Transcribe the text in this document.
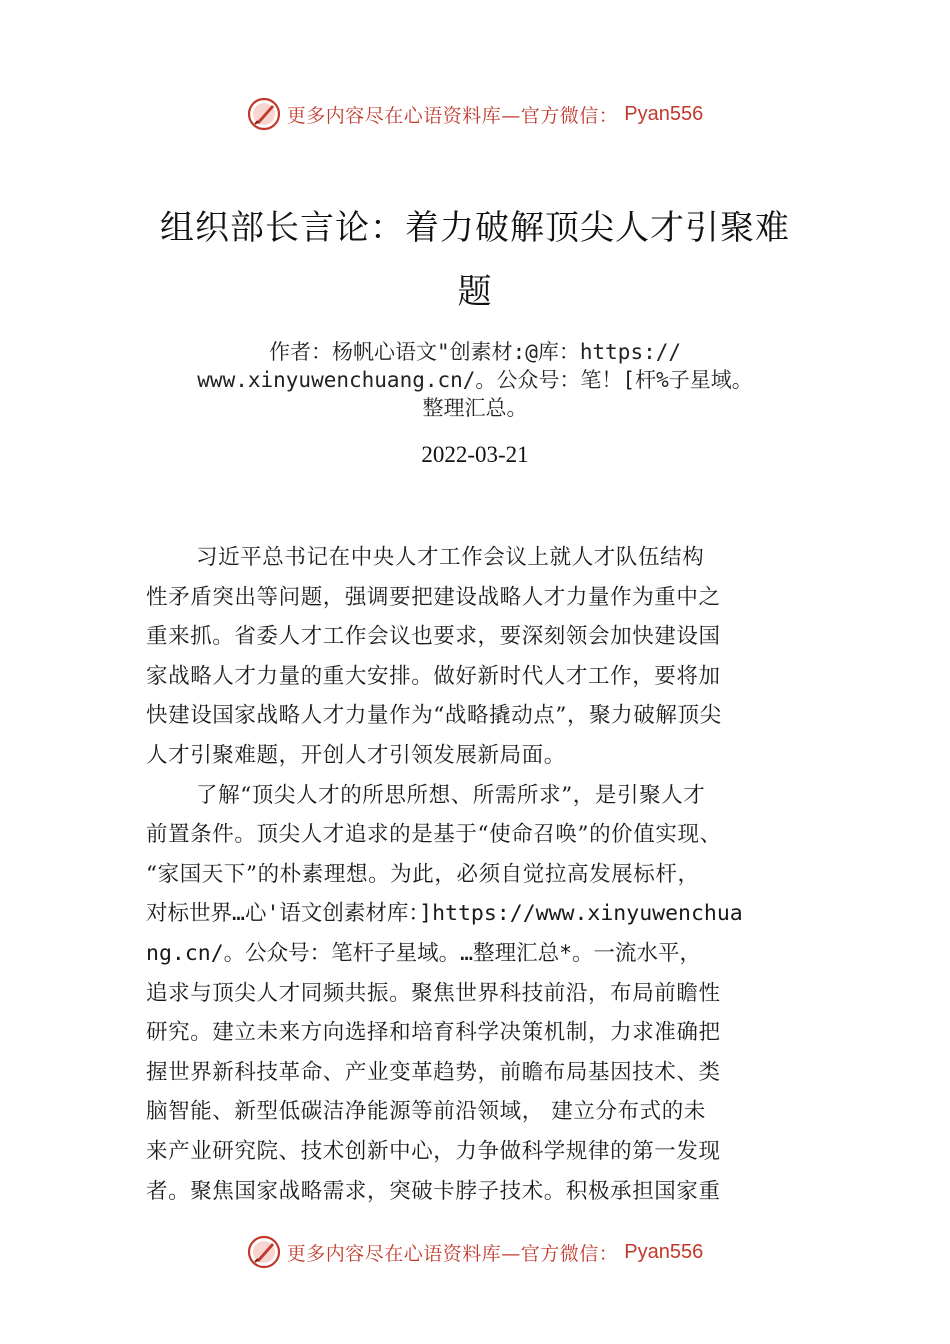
更多内容尽在心语资料库—官方微信： Pyan556
组织部长言论：着力破解顶尖人才引聚难
题
作者：杨帆心语文"创素材:@库：https://
www.xinyuwenchuang.cn/。公众号：笔！[杆%子星域。
整理汇总。
2022-03-21
习近平总书记在中央人才工作会议上就人才队伍结构
性矛盾突出等问题，强调要把建设战略人才力量作为重中之
重来抓。省委人才工作会议也要求，要深刻领会加快建设国
家战略人才力量的重大安排。做好新时代人才工作，要将加
快建设国家战略人才力量作为“战略撬动点”，聚力破解顶尖
人才引聚难题，开创人才引领发展新局面。
了解“顶尖人才的所思所想、所需所求”，是引聚人才
前置条件。顶尖人才追求的是基于“使命召唤”的价值实现、
“家国天下”的朴素理想。为此，必须自觉拉高发展标杆，
对标世界…心'语文创素材库：]https://www.xinyuwenchua
ng.cn/。公众号：笔杆子星域。…整理汇总*。一流水平，
追求与顶尖人才同频共振。聚焦世界科技前沿，布局前瞻性
研究。建立未来方向选择和培育科学决策机制，力求准确把
握世界新科技革命、产业变革趋势，前瞻布局基因技术、类
脑智能、新型低碳洁净能源等前沿领域， 建立分布式的未
来产业研究院、技术创新中心，力争做科学规律的第一发现
者。聚焦国家战略需求，突破卡脖子技术。积极承担国家重
更多内容尽在心语资料库—官方微信： Pyan556
